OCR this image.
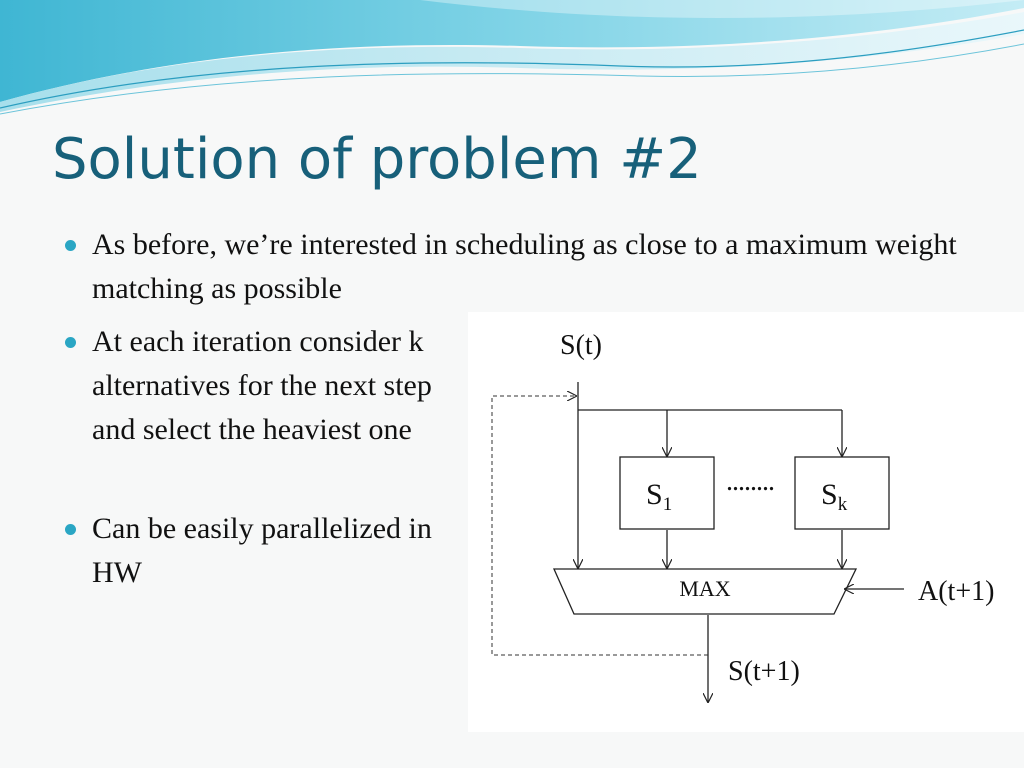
Solution of problem #2

As before, we’re interested in scheduling as close to a maximum weight matching as possible

At each iteration consider k alternatives for the next step and select the heaviest one

Can be easily parallelized in HW

S(t)
$S_1$
........ $S_k$
MAX	A(t+1)
S(t+1)
